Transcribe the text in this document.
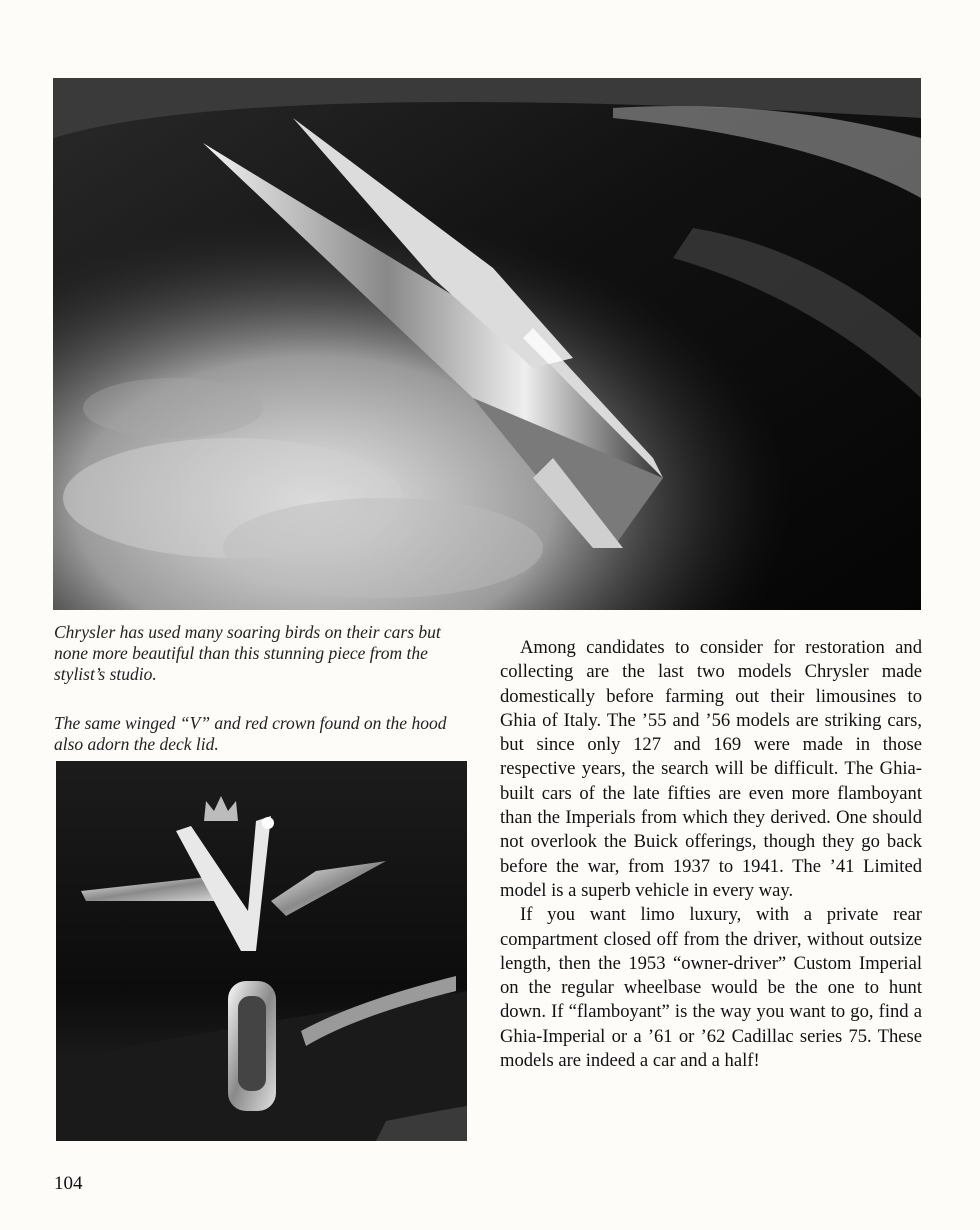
Chrysler has used many soaring birds on their cars but none more beautiful than this stunning piece from the stylist’s studio.
The same winged “V” and red crown found on the hood also adorn the deck lid.

Among candidates to consider for restoration and collecting are the last two models Chrysler made domestically before farming out their limousines to Ghia of Italy. The ’55 and ’56 models are striking cars, but since only 127 and 169 were made in those respective years, the search will be difficult. The Ghia-built cars of the late fifties are even more flamboyant than the Imperials from which they derived. One should not overlook the Buick offerings, though they go back before the war, from 1937 to 1941. The ’41 Limited model is a superb vehicle in every way.

If you want limo luxury, with a private rear compartment closed off from the driver, without outsize length, then the 1953 “owner-driver” Custom Imperial on the regular wheelbase would be the one to hunt down. If “flamboyant” is the way you want to go, find a Ghia-Imperial or a ’61 or ’62 Cadillac series 75. These models are indeed a car and a half!

104
